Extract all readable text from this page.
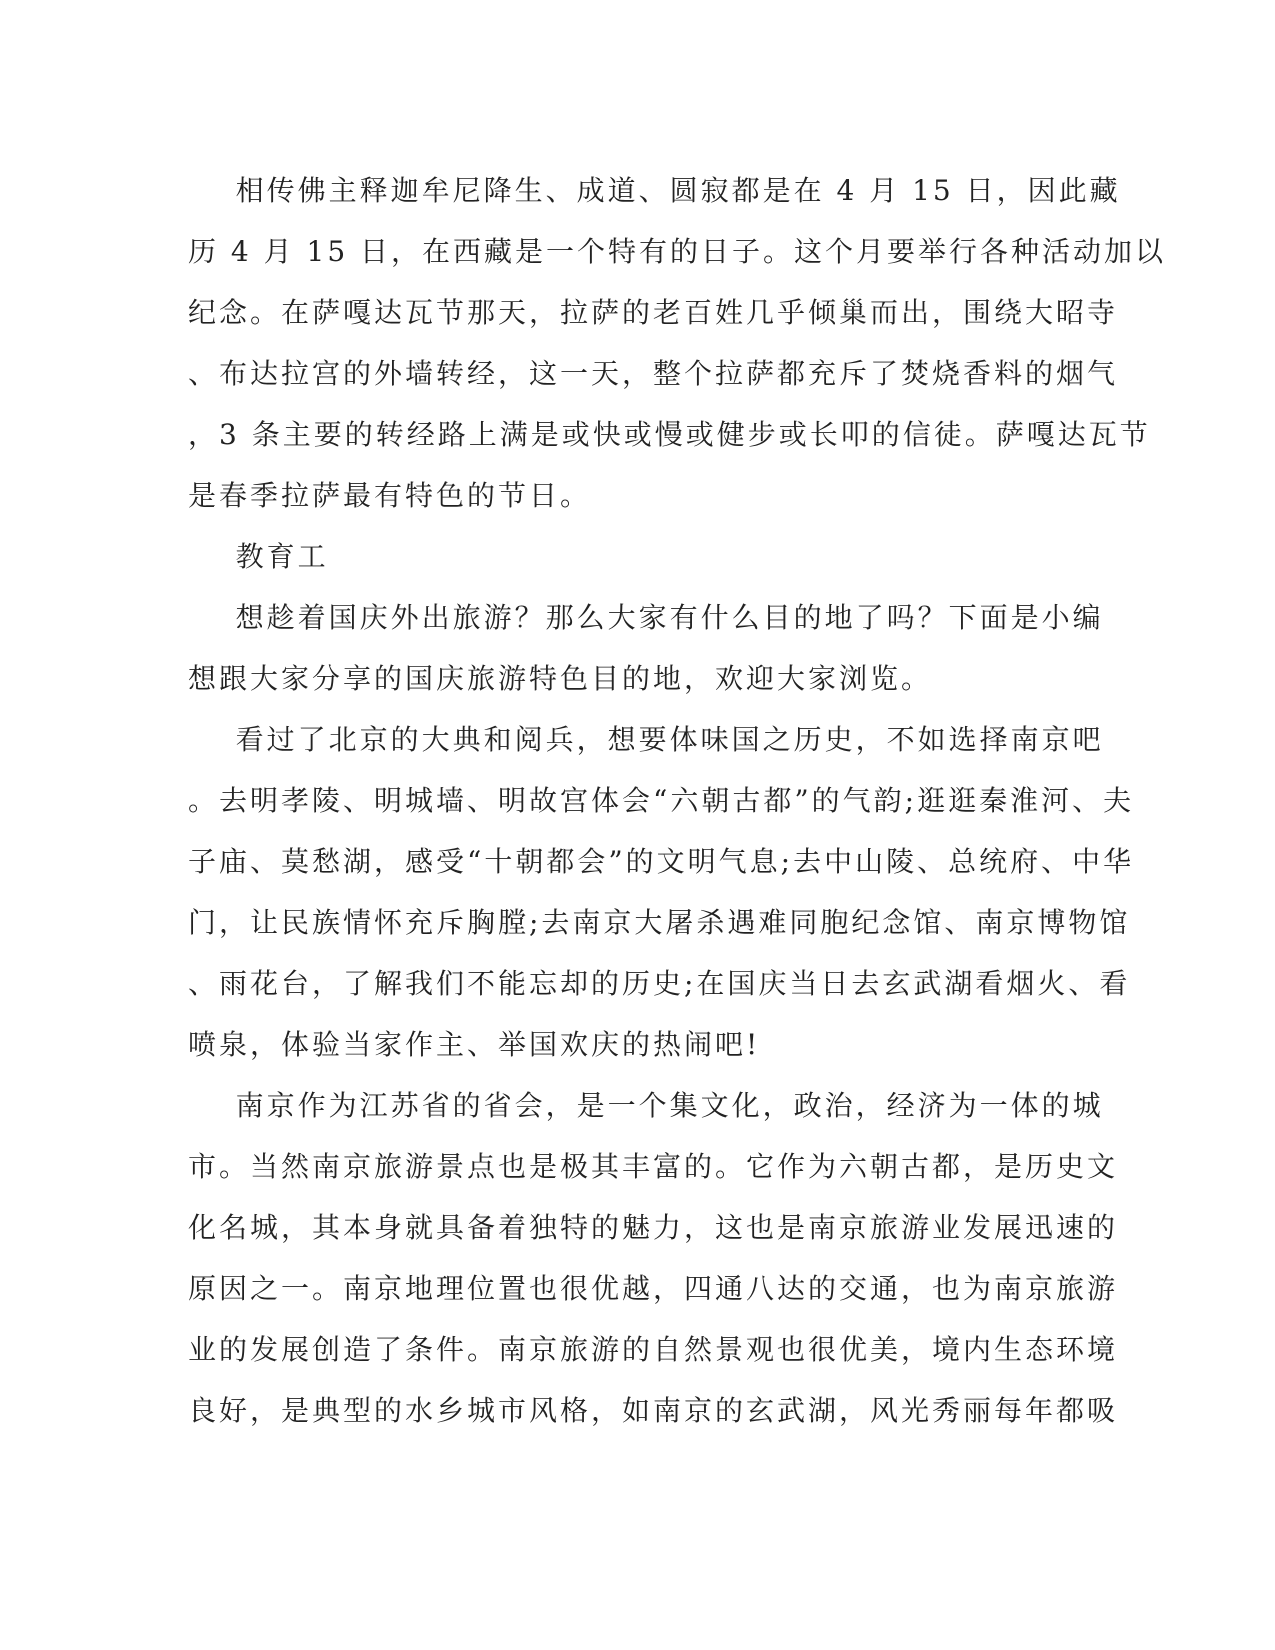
相传佛主释迦牟尼降生、成道、圆寂都是在 4 月 15 日，因此藏
历 4 月 15 日，在西藏是一个特有的日子。这个月要举行各种活动加以
纪念。在萨嘎达瓦节那天，拉萨的老百姓几乎倾巢而出，围绕大昭寺
、布达拉宫的外墙转经，这一天，整个拉萨都充斥了焚烧香料的烟气
，3 条主要的转经路上满是或快或慢或健步或长叩的信徒。萨嘎达瓦节
是春季拉萨最有特色的节日。
教育工
想趁着国庆外出旅游？那么大家有什么目的地了吗？下面是小编
想跟大家分享的国庆旅游特色目的地，欢迎大家浏览。
看过了北京的大典和阅兵，想要体味国之历史，不如选择南京吧
。去明孝陵、明城墙、明故宫体会“六朝古都”的气韵;逛逛秦淮河、夫
子庙、莫愁湖，感受“十朝都会”的文明气息;去中山陵、总统府、中华
门，让民族情怀充斥胸膛;去南京大屠杀遇难同胞纪念馆、南京博物馆
、雨花台，了解我们不能忘却的历史;在国庆当日去玄武湖看烟火、看
喷泉，体验当家作主、举国欢庆的热闹吧!
南京作为江苏省的省会，是一个集文化，政治，经济为一体的城
市。当然南京旅游景点也是极其丰富的。它作为六朝古都，是历史文
化名城，其本身就具备着独特的魅力，这也是南京旅游业发展迅速的
原因之一。南京地理位置也很优越，四通八达的交通，也为南京旅游
业的发展创造了条件。南京旅游的自然景观也很优美，境内生态环境
良好，是典型的水乡城市风格，如南京的玄武湖，风光秀丽每年都吸
